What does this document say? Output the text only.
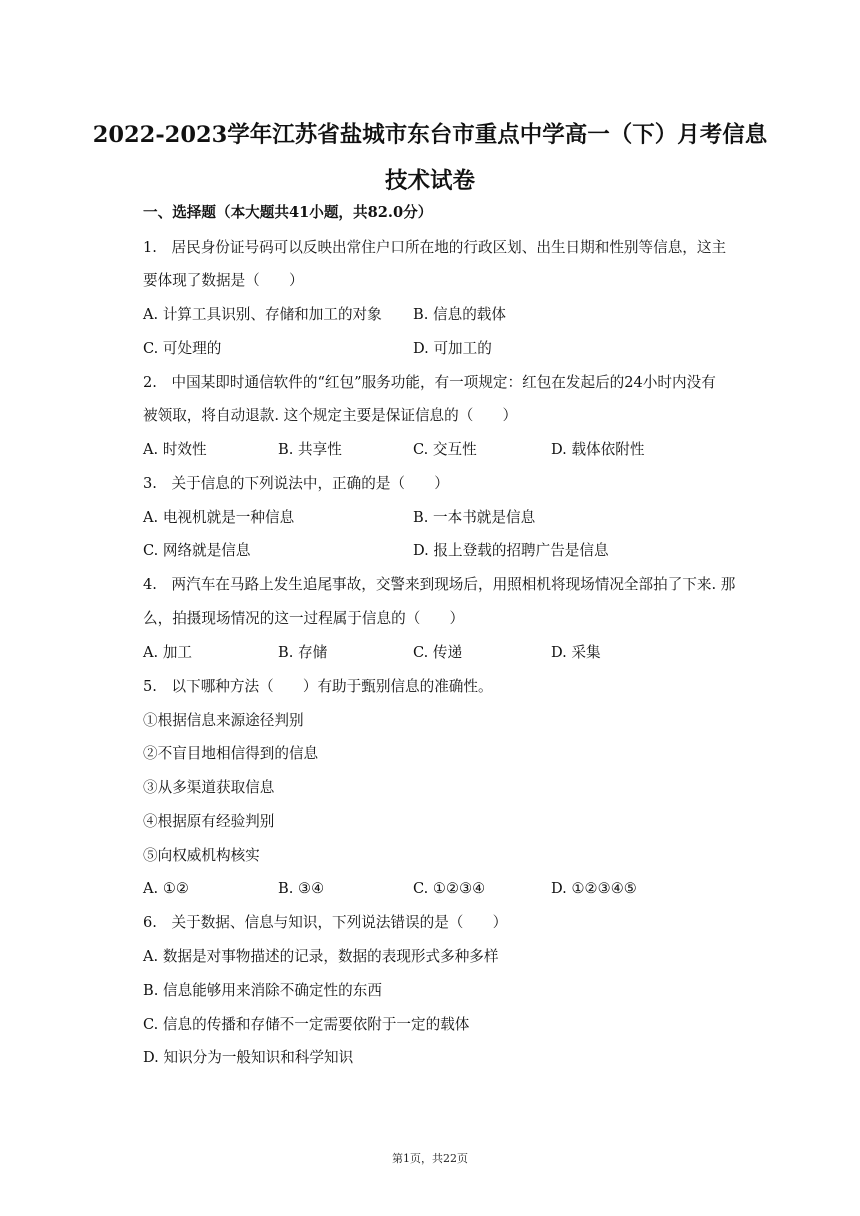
2022-2023学年江苏省盐城市东台市重点中学高一（下）月考信息技术试卷
一、选择题（本大题共41小题，共82.0分）
1.　居民身份证号码可以反映出常住户口所在地的行政区划、出生日期和性别等信息，这主
要体现了数据是（　　）
A. 计算工具识别、存储和加工的对象 B. 信息的载体
C. 可处理的	D. 可加工的
2.　中国某即时通信软件的“红包”服务功能，有一项规定：红包在发起后的24小时内没有
被领取，将自动退款. 这个规定主要是保证信息的（　　）
A. 时效性	B. 共享性	C. 交互性	D. 载体依附性
3.　关于信息的下列说法中，正确的是（　　）
A. 电视机就是一种信息	B. 一本书就是信息
C. 网络就是信息	D. 报上登载的招聘广告是信息
4.　两汽车在马路上发生追尾事故，交警来到现场后，用照相机将现场情况全部拍了下来. 那
么，拍摄现场情况的这一过程属于信息的（　　）
A. 加工	B. 存储	C. 传递	D. 采集
5.　以下哪种方法（　　）有助于甄别信息的准确性。
①根据信息来源途径判别
②不盲目地相信得到的信息
③从多渠道获取信息
④根据原有经验判别
⑤向权威机构核实
A. ①②	B. ③④	C. ①②③④	D. ①②③④⑤
6.　关于数据、信息与知识，下列说法错误的是（　　）
A. 数据是对事物描述的记录，数据的表现形式多种多样
B. 信息能够用来消除不确定性的东西
C. 信息的传播和存储不一定需要依附于一定的载体
D. 知识分为一般知识和科学知识
第1页，共22页
